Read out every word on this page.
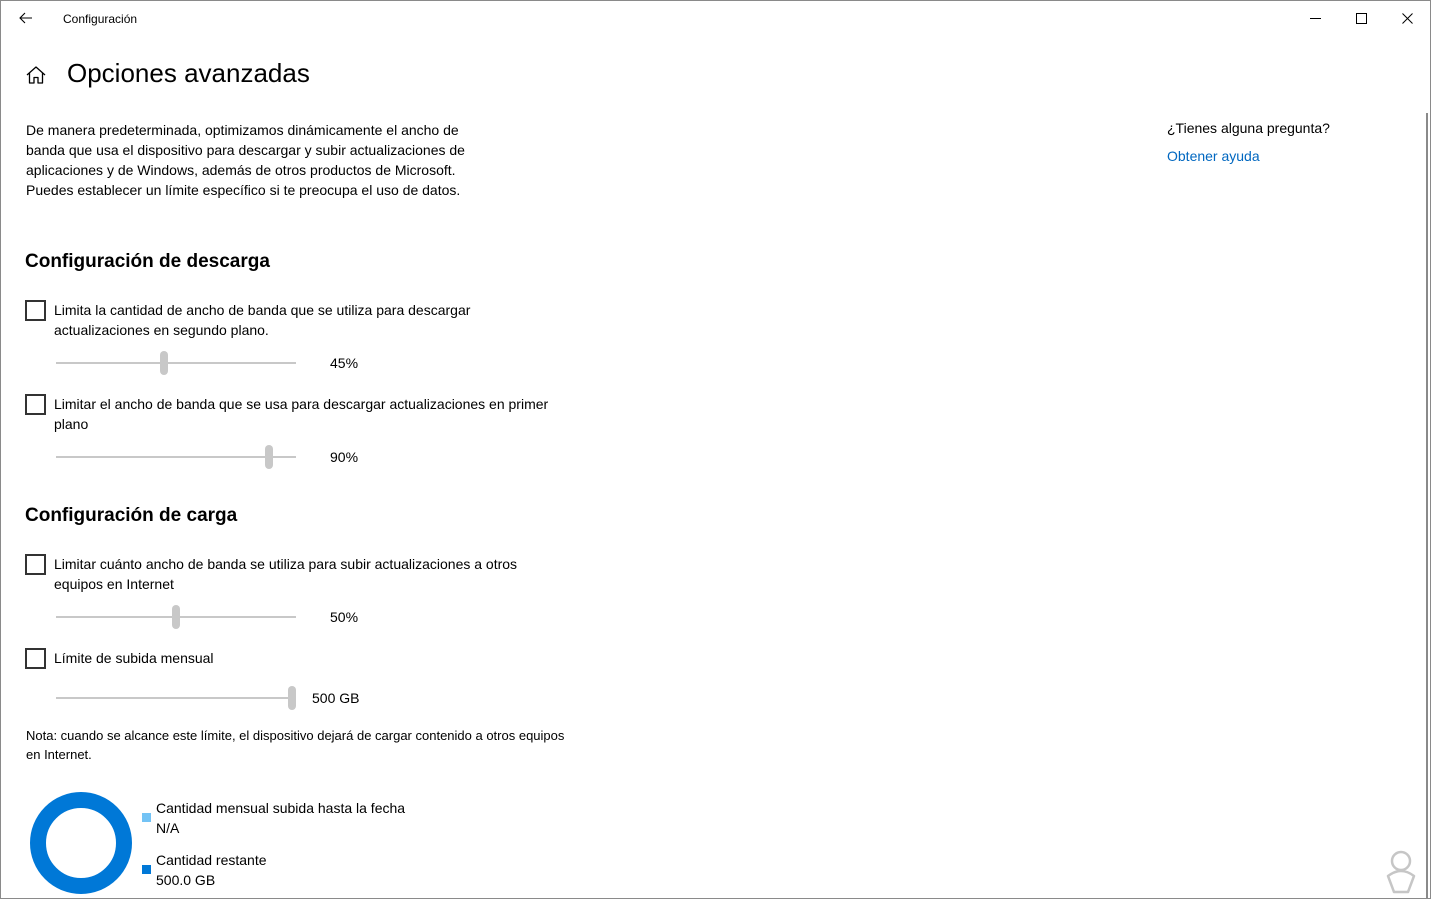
Configuración
Opciones avanzadas

De manera predeterminada, optimizamos dinámicamente el ancho de banda que usa el dispositivo para descargar y subir actualizaciones de aplicaciones y de Windows, además de otros productos de Microsoft. Puedes establecer un límite específico si te preocupa el uso de datos.

Configuración de descarga
Limita la cantidad de ancho de banda que se utiliza para descargar actualizaciones en segundo plano.
45%
Limitar el ancho de banda que se usa para descargar actualizaciones en primer plano
90%
Configuración de carga
Limitar cuánto ancho de banda se utiliza para subir actualizaciones a otros equipos en Internet
50%
Límite de subida mensual
500 GB

Nota: cuando se alcance este límite, el dispositivo dejará de cargar contenido a otros equipos en Internet.

Cantidad mensual subida hasta la fecha
N/A
Cantidad restante
500.0 GB
¿Tienes alguna pregunta?
Obtener ayuda
